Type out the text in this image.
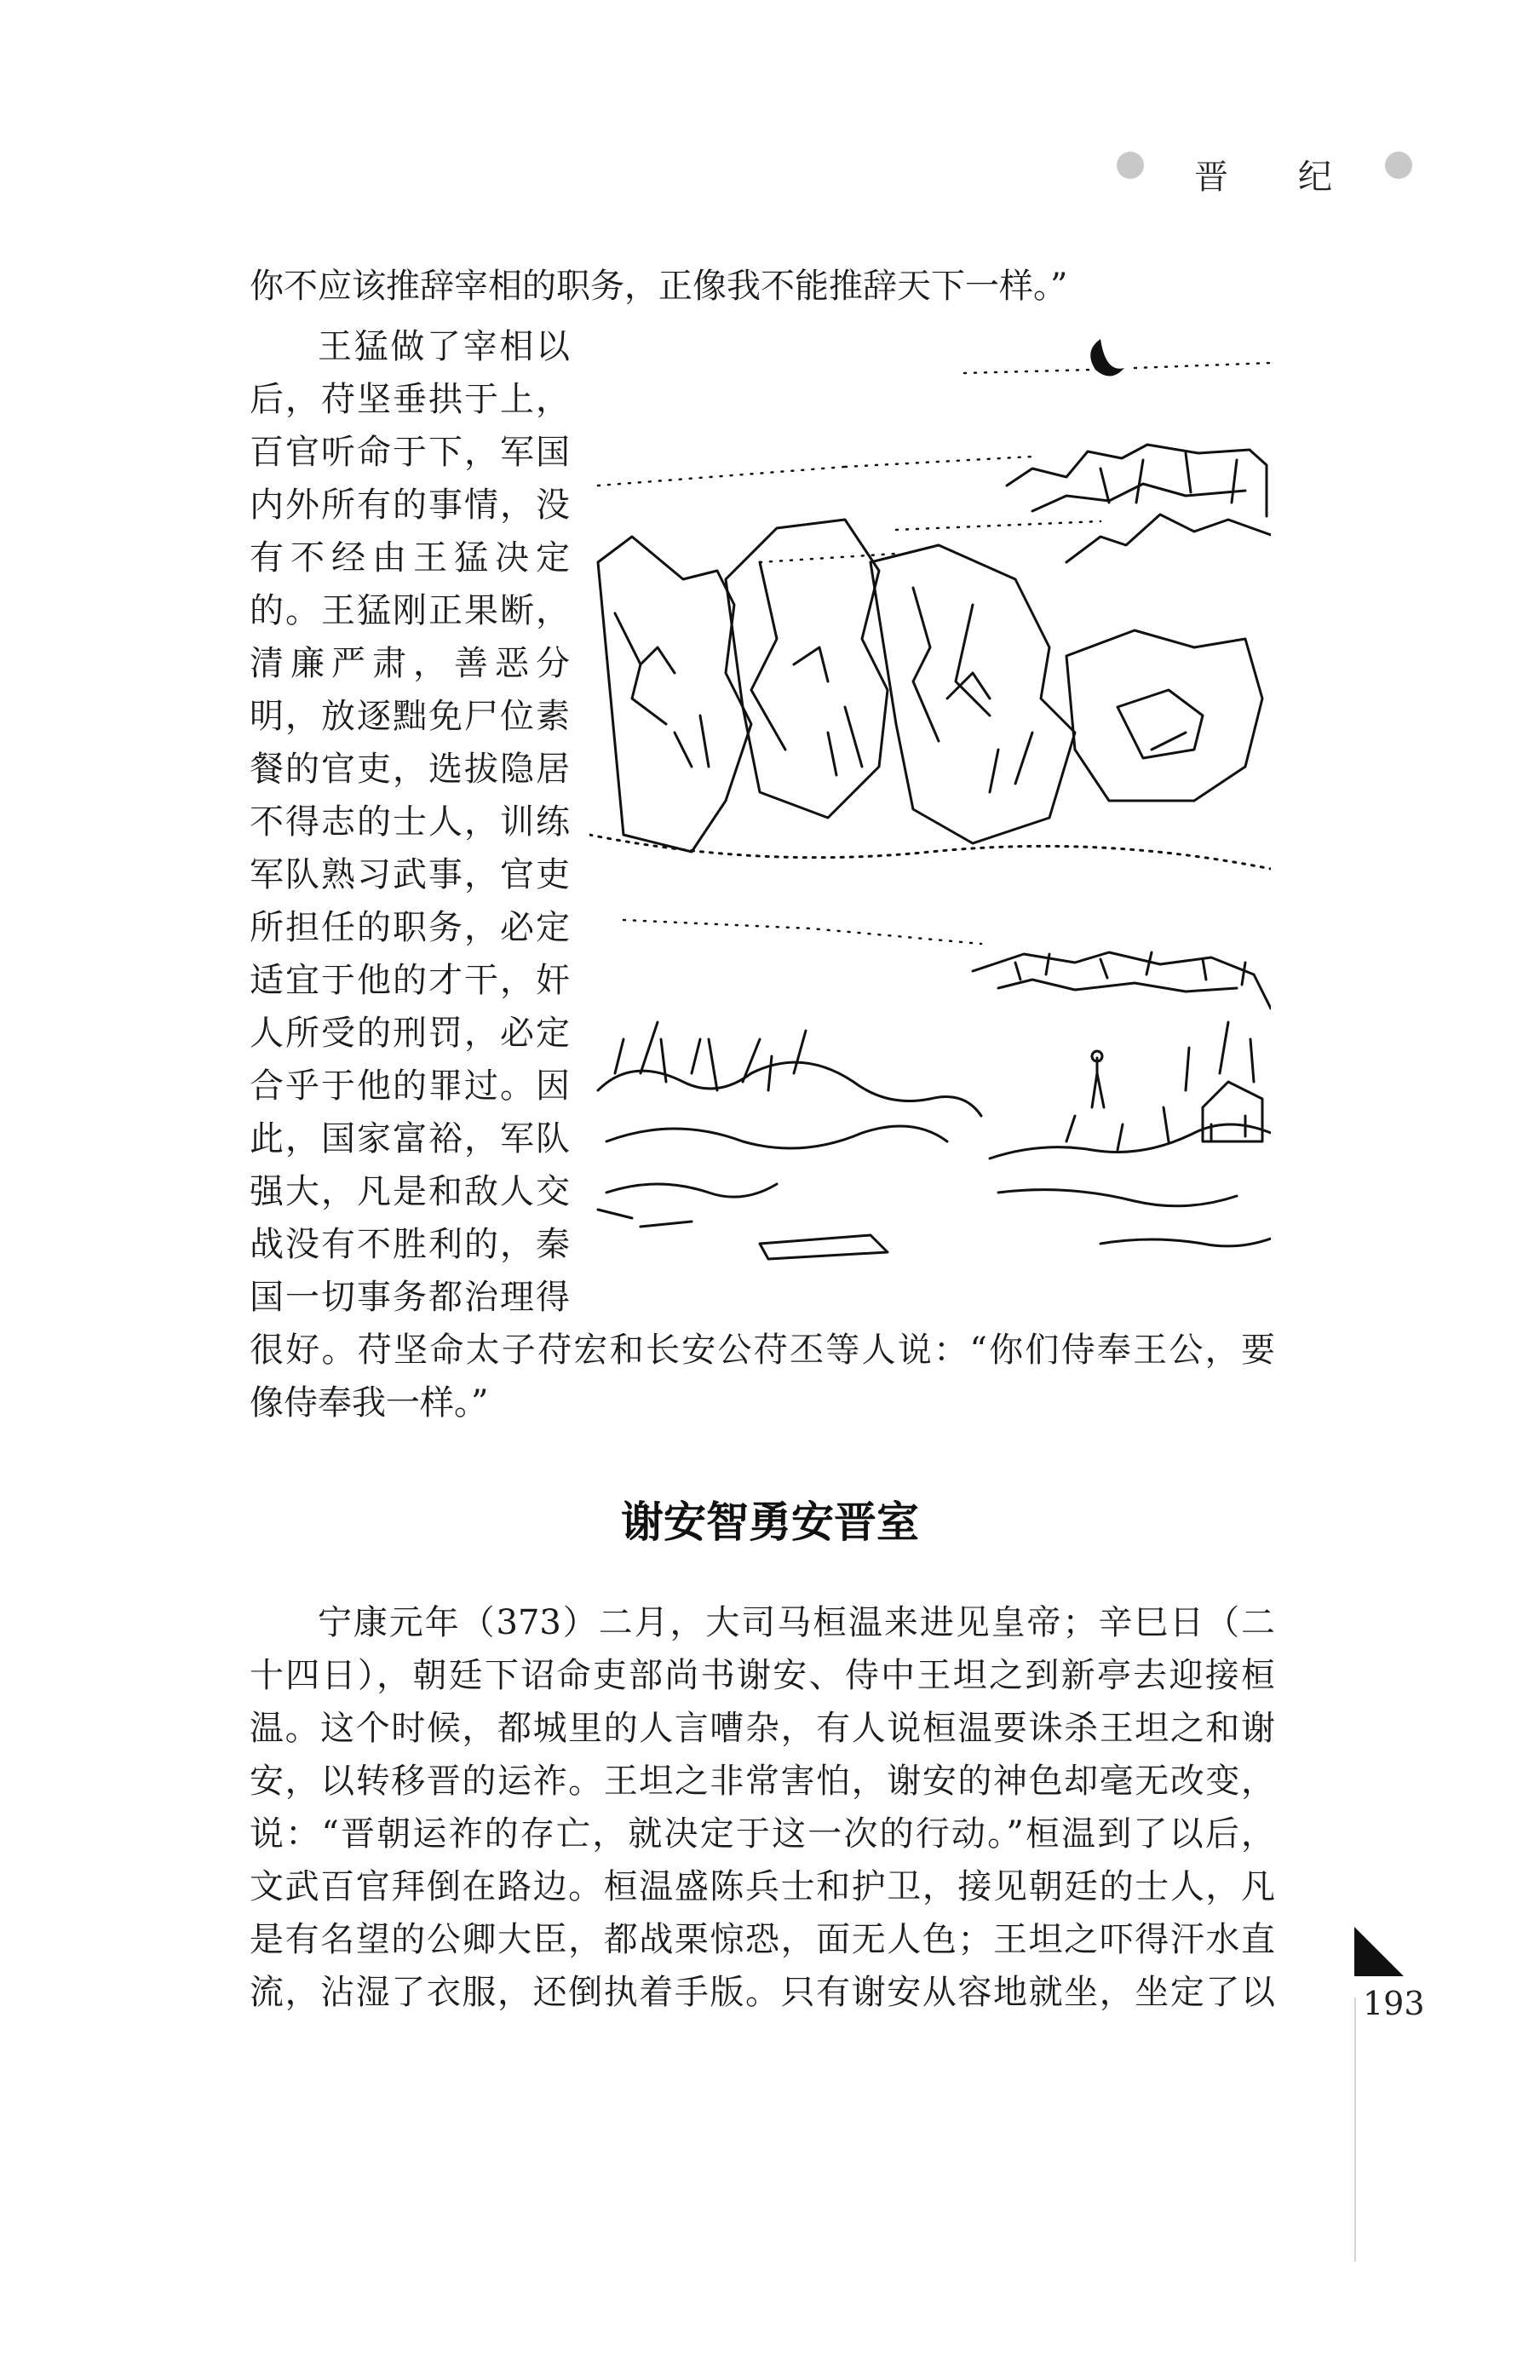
晋 纪
你不应该推辞宰相的职务，正像我不能推辞天下一样。”
王猛做了宰相以
后，苻坚垂拱于上，
百官听命于下，军国
内外所有的事情，没
有不经由王猛决定
的。王猛刚正果断，
清廉严肃，善恶分
明，放逐黜免尸位素
餐的官吏，选拔隐居
不得志的士人，训练
军队熟习武事，官吏
所担任的职务，必定
适宜于他的才干，奸
人所受的刑罚，必定
合乎于他的罪过。因
此，国家富裕，军队
强大，凡是和敌人交
战没有不胜利的，秦
国一切事务都治理得
很好。苻坚命太子苻宏和长安公苻丕等人说：“你们侍奉王公，要
像侍奉我一样。”
谢安智勇安晋室
宁康元年（373）二月，大司马桓温来进见皇帝；辛巳日（二
十四日），朝廷下诏命吏部尚书谢安、侍中王坦之到新亭去迎接桓
温。这个时候，都城里的人言嘈杂，有人说桓温要诛杀王坦之和谢
安，以转移晋的运祚。王坦之非常害怕，谢安的神色却毫无改变，
说：“晋朝运祚的存亡，就决定于这一次的行动。”桓温到了以后，
文武百官拜倒在路边。桓温盛陈兵士和护卫，接见朝廷的士人，凡
是有名望的公卿大臣，都战栗惊恐，面无人色；王坦之吓得汗水直
流，沾湿了衣服，还倒执着手版。只有谢安从容地就坐，坐定了以	193
